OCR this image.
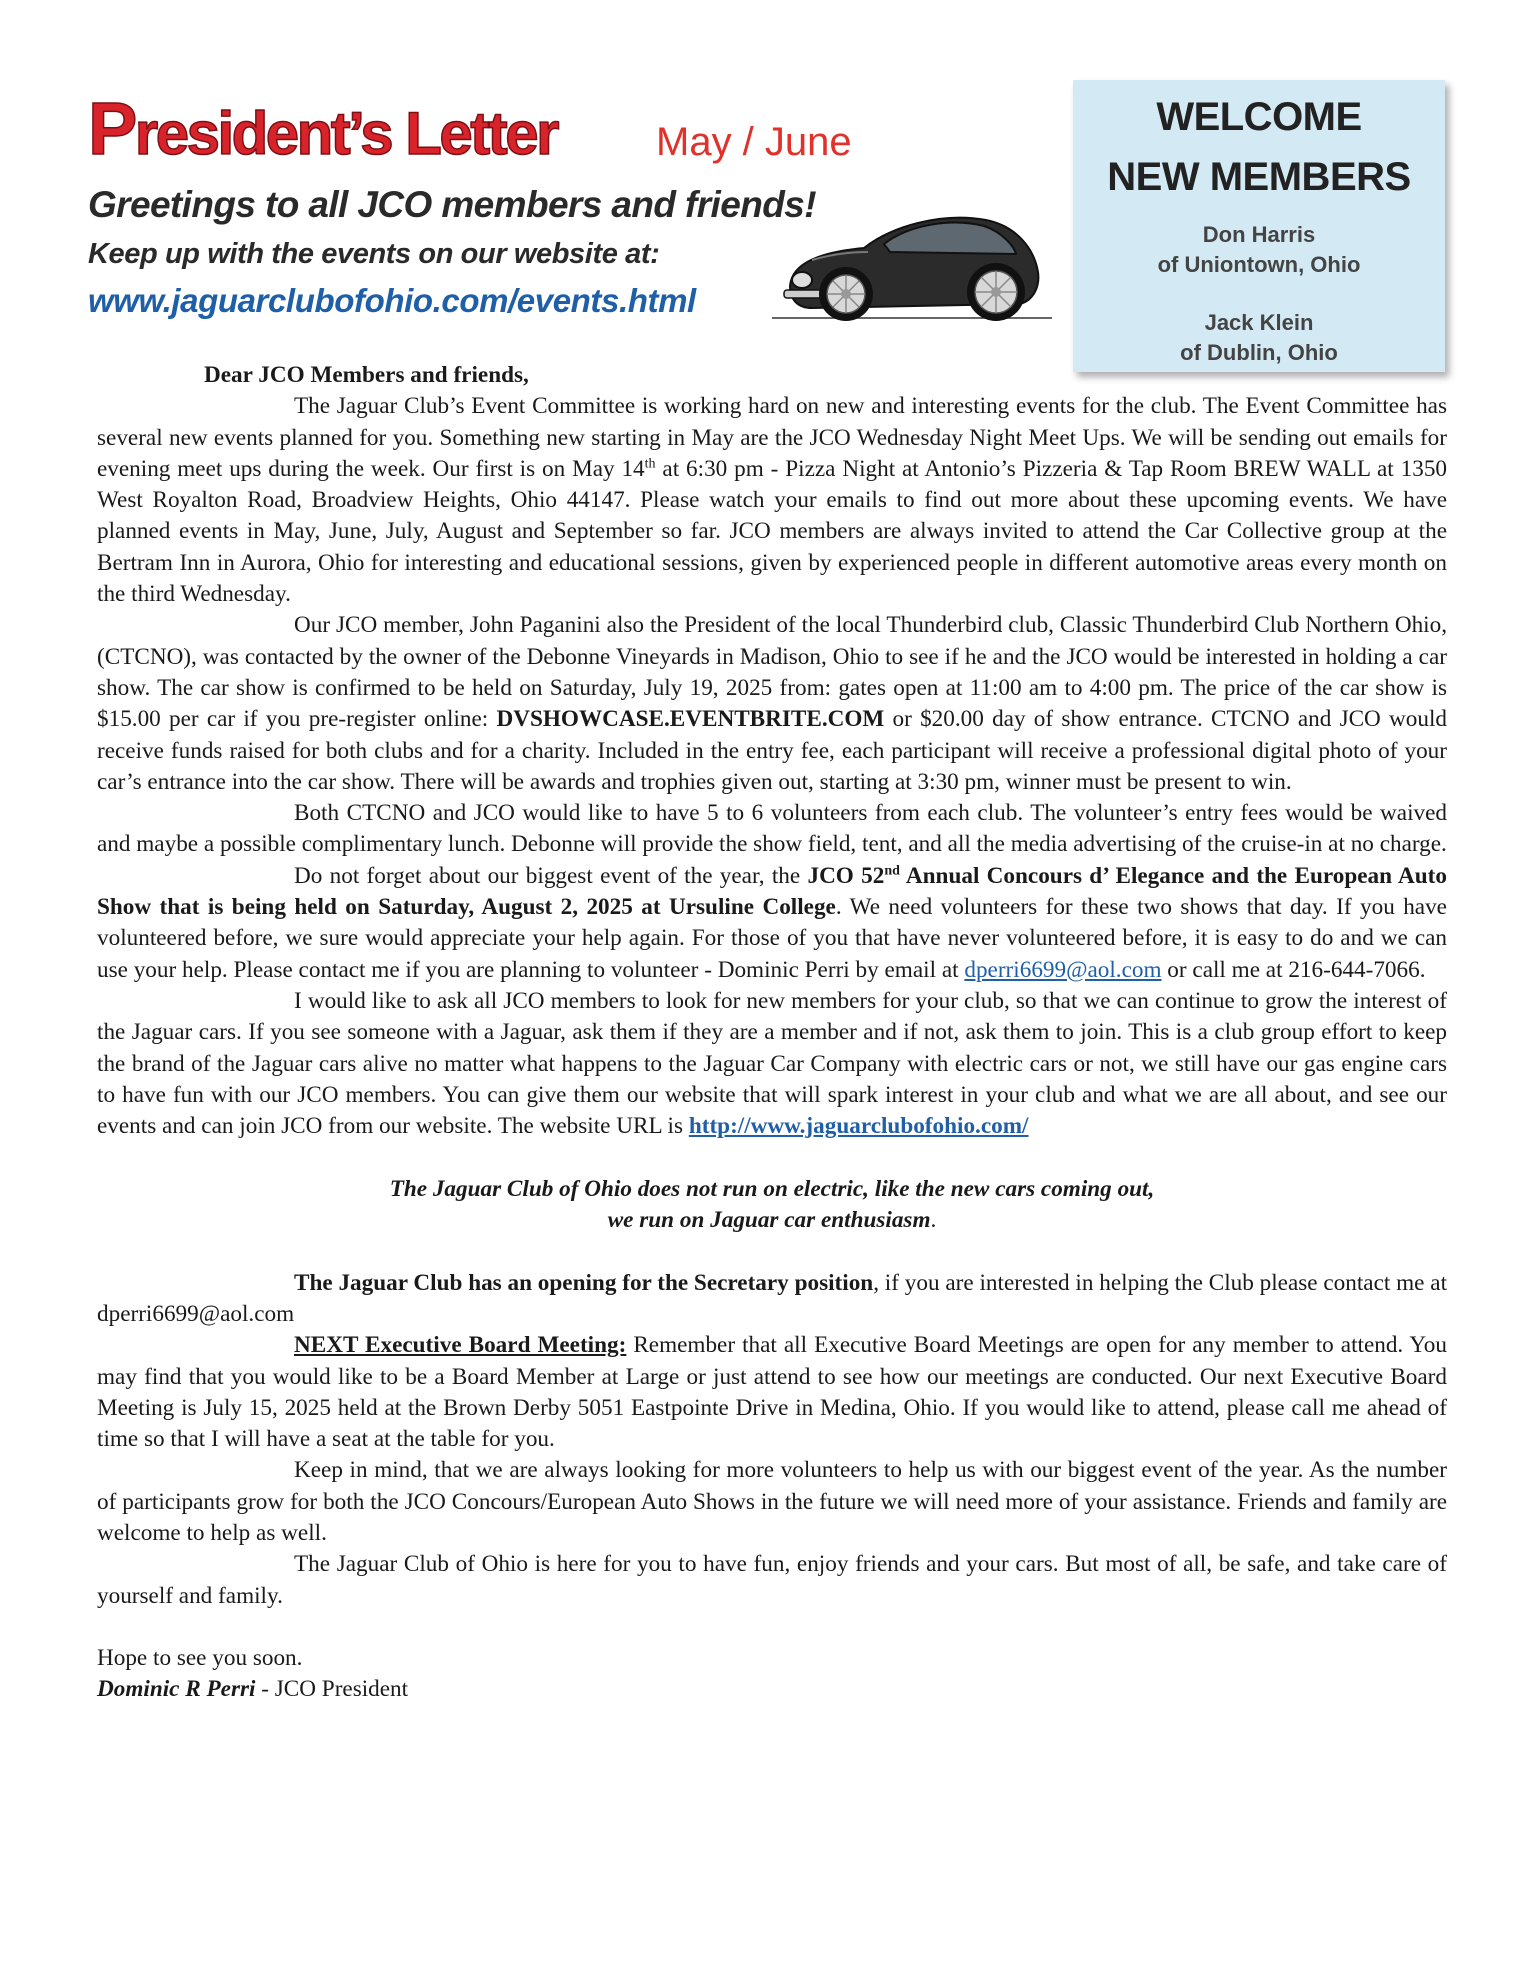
President’s Letter May / June
Greetings to all JCO members and friends!
Keep up with the events on our website at:
www.jaguarclubofohio.com/events.html
WELCOME
NEW MEMBERS
Don Harris
of Uniontown, Ohio
Jack Klein
of Dublin, Ohio

Dear JCO Members and friends,

The Jaguar Club’s Event Committee is working hard on new and interesting events for the club. The Event Committee has several new events planned for you. Something new starting in May are the JCO Wednesday Night Meet Ups. We will be sending out emails for evening meet ups during the week. Our first is on May 14th at 6:30 pm - Pizza Night at Antonio’s Pizzeria & Tap Room BREW WALL at 1350 West Royalton Road, Broadview Heights, Ohio 44147. Please watch your emails to find out more about these upcoming events. We have planned events in May, June, July, August and September so far. JCO members are always invited to attend the Car Collective group at the Bertram Inn in Aurora, Ohio for interesting and educational sessions, given by experienced people in different automotive areas every month on the third Wednesday.

Our JCO member, John Paganini also the President of the local Thunderbird club, Classic Thunderbird Club Northern Ohio, (CTCNO), was contacted by the owner of the Debonne Vineyards in Madison, Ohio to see if he and the JCO would be interested in holding a car show. The car show is confirmed to be held on Saturday, July 19, 2025 from: gates open at 11:00 am to 4:00 pm. The price of the car show is $15.00 per car if you pre-register online: DVSHOWCASE.EVENTBRITE.COM or $20.00 day of show entrance. CTCNO and JCO would receive funds raised for both clubs and for a charity. Included in the entry fee, each participant will receive a professional digital photo of your car’s entrance into the car show. There will be awards and trophies given out, starting at 3:30 pm, winner must be present to win.

Both CTCNO and JCO would like to have 5 to 6 volunteers from each club. The volunteer’s entry fees would be waived and maybe a possible complimentary lunch. Debonne will provide the show field, tent, and all the media advertising of the cruise-in at no charge.

Do not forget about our biggest event of the year, the JCO 52nd Annual Concours d’ Elegance and the European Auto Show that is being held on Saturday, August 2, 2025 at Ursuline College. We need volunteers for these two shows that day. If you have volunteered before, we sure would appreciate your help again. For those of you that have never volunteered before, it is easy to do and we can use your help. Please contact me if you are planning to volunteer - Dominic Perri by email at dperri6699@aol.com or call me at 216-644-7066.

I would like to ask all JCO members to look for new members for your club, so that we can continue to grow the interest of the Jaguar cars. If you see someone with a Jaguar, ask them if they are a member and if not, ask them to join. This is a club group effort to keep the brand of the Jaguar cars alive no matter what happens to the Jaguar Car Company with electric cars or not, we still have our gas engine cars to have fun with our JCO members. You can give them our website that will spark interest in your club and what we are all about, and see our events and can join JCO from our website. The website URL is http://www.jaguarclubofohio.com/

The Jaguar Club of Ohio does not run on electric, like the new cars coming out,

we run on Jaguar car enthusiasm.

The Jaguar Club has an opening for the Secretary position, if you are interested in helping the Club please contact me at dperri6699@aol.com

NEXT Executive Board Meeting: Remember that all Executive Board Meetings are open for any member to attend. You may find that you would like to be a Board Member at Large or just attend to see how our meetings are conducted. Our next Executive Board Meeting is July 15, 2025 held at the Brown Derby 5051 Eastpointe Drive in Medina, Ohio. If you would like to attend, please call me ahead of time so that I will have a seat at the table for you.

Keep in mind, that we are always looking for more volunteers to help us with our biggest event of the year. As the number of participants grow for both the JCO Concours/European Auto Shows in the future we will need more of your assistance. Friends and family are welcome to help as well.

The Jaguar Club of Ohio is here for you to have fun, enjoy friends and your cars. But most of all, be safe, and take care of yourself and family.

Hope to see you soon.

Dominic R Perri - JCO President
